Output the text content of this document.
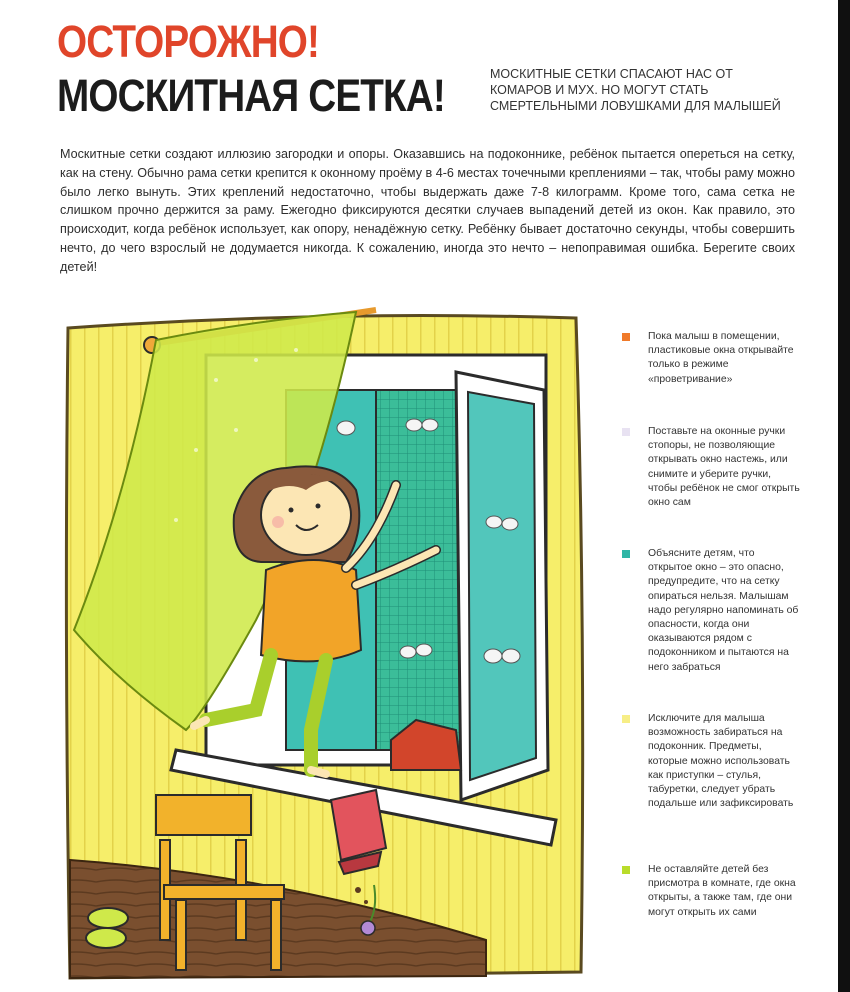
ОСТОРОЖНО!
МОСКИТНАЯ СЕТКА!	МОСКИТНЫЕ СЕТКИ СПАСАЮТ НАС ОТ КОМАРОВ И МУХ. НО МОГУТ СТАТЬ СМЕРТЕЛЬНЫМИ ЛОВУШКАМИ ДЛЯ МАЛЫШЕЙ
Москитные сетки создают иллюзию загородки и опоры. Оказавшись на подоконнике, ребёнок пытается опереться на сетку, как на стену. Обычно рама сетки крепится к оконному проёму в 4-6 местах точечными креплениями – так, чтобы раму можно было легко вынуть. Этих креплений недостаточно, чтобы выдержать даже 7-8 килограмм. Кроме того, сама сетка не слишком прочно держится за раму. Ежегодно фиксируются десятки случаев выпадений детей из окон. Как правило, это происходит, когда ребёнок использует, как опору, ненадёжную сетку. Ребёнку бывает достаточно секунды, чтобы совершить нечто, до чего взрослый не додумается никогда. К сожалению, иногда это нечто – непоправимая ошибка. Берегите своих детей!
Пока малыш в помещении, пластиковые окна открывайте только в режиме «проветривание»
Поставьте на оконные ручки стопоры, не позволяющие открывать окно настежь, или снимите и уберите ручки, чтобы ребёнок не смог открыть окно сам
Объясните детям, что открытое окно – это опасно, предупредите, что на сетку опираться нельзя. Малышам надо регулярно напоминать об опасности, когда они оказываются рядом с подоконником и пытаются на него забраться
Исключите для малыша возможность забираться на подоконник. Предметы, которые можно использовать как приступки – стулья, табуретки, следует убрать подальше или зафиксировать
Не оставляйте детей без присмотра в комнате, где окна открыты, а также там, где они могут открыть их сами
